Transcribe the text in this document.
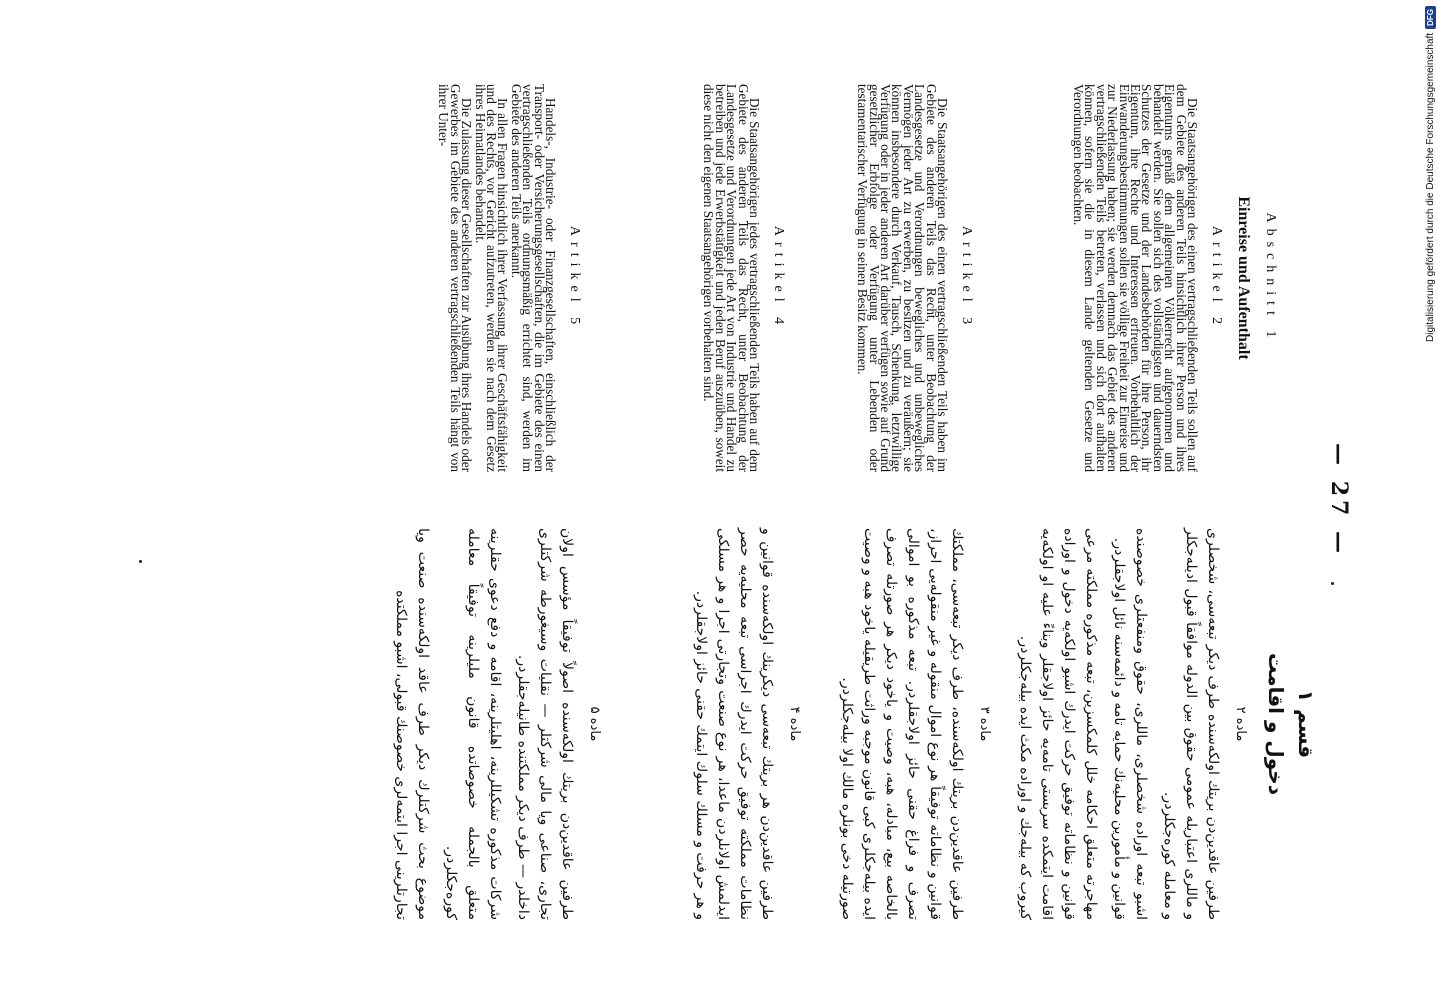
— 27 —
Abschnitt 1
Einreise und Aufenthalt
Artikel 2

Die Staatsangehörigen des einen vertragschließenden Teils sollen auf dem Gebiete des anderen Teils hinsichtlich ihrer Person und ihres Eigentums gemäß dem allgemeinen Völkerrecht aufgenommen und behandelt werden. Sie sollen sich des vollständigsten und dauerndsten Schutzes der Gesetze und der Landesbehörden für ihre Person, ihr Eigentum, ihre Rechte und Interessen erfreuen. Vorbehaltlich der Einwanderungsbestimmungen sollen sie völlige Freiheit zur Einreise und zur Niederlassung haben; sie werden demnach das Gebiet des anderen vertragschließenden Teils betreten, verlassen und sich dort aufhalten können, sofern sie die in diesem Lande geltenden Gesetze und Verordnungen beobachten.

Artikel 3

Die Staatsangehörigen des einen vertragschließenden Teils haben im Gebiete des anderen Teils das Recht, unter Beobachtung der Landesgesetze und Verordnungen bewegliches und unbewegliches Vermögen jeder Art zu erwerben, zu besitzen und zu veräußern; sie können insbesondere durch Verkauf, Tausch, Schenkung, letztwillige Verfügung oder in jeder anderen Art darüber verfügen sowie auf Grund gesetzlicher Erbfolge oder Verfügung unter Lebenden oder testamentarischer Verfügung in seinen Besitz kommen.

Artikel 4

Die Staatsangehörigen jedes vertragschließenden Teils haben auf dem Gebiete des anderen Teils das Recht, unter Beobachtung der Landesgesetze und Verordnungen jede Art von Industrie und Handel zu betreiben und jede Erwerbstätigkeit und jeden Beruf auszuüben, soweit diese nicht den eigenen Staatsangehörigen vorbehalten sind.

Artikel 5

Handels-, Industrie- oder Finanzgesellschaften, einschließlich der Transport- oder Versicherungsgesellschaften, die im Gebiete des einen vertragschließenden Teils ordnungsmäßig errichtet sind, werden im Gebiete des anderen Teils anerkannt.

In allen Fragen hinsichtlich ihrer Verfassung, ihrer Geschäftsfähigkeit und des Rechts, vor Gericht aufzutreten, werden sie nach dem Gesetz ihres Heimatlandes behandelt.

Die Zulassung dieser Gesellschaften zur Ausübung ihres Handels oder Gewerbes im Gebiete des anderen vertragschließenden Teils hängt von ihrer Unter-

قسم ۱
دخول و اقامت
ماده ۲

طرفين عاقدين‌دن بريتك اولكه‌سنده طرف ديكر تبعه‌سى، شخصلرى و ماللرى اعتباريله عمومى حقوق بين الدوله موافقاً قبول اديله‌جكلر و معامله كوره‌جكلردر.

اشبو تبعه اوراده شخصلرى، ماللرى، حقوق ومنفعتلرى خصوصنده قوانين و مأمورين محليه‌نك حمايه تامه و دائمه‌سنه نائل اولاجقلردر.

مهاجرته متعلق احكامه خلل كلمكسزين، تبعه مذكوره مملكته مرعى قوانين و نظاماته توفيق حركت ايدرك اشبو اولكه‌يه دخول و اوراده اقامت ايتمكده سربستى تامه‌يه حائز اولاجقلر وبناءً عليه او اولكه‌يه كيروب كه بيله‌جك و اوراده مكث ايده بيله‌جكلردر.

ماده ۳

طرفين عاقدين‌دن بريتك اولكه‌سنده، طرف ديكر تبعه‌سى، مملكتك قوانين و نظاماته توفيقاً هر نوع اموال منقوله و غير منقوله‌يى احراز، تصرف و فراغ حقنى حائز اولاجقلردر. تبعه مذكوره بو اموالى بالخاصه بيع، مبادله، هبه، وصيت و ياخود ديكر هر صورتله تصرف ايده بيله‌جكلرى كبى قانون موجبه‌ وراثت طريقيله ياخود هبه و وصيت صورتيله دخى بونلره مالك اولا بيله‌جكلردر.

ماده ۴

طرفين عاقدين‌دن هر بريتك تبعه‌سى ديكرينك اولكه‌سنده قوانين و نظامات مملكته توفيق حركت ايدرك اجراسى تبعه محليه‌يه حصر ايدلمش اولانلردن ماعدا، هر نوع صنعت وتجارتى اجرا و هر مسلكى و هر حرفت و مسلك سلوك ايتمك حقنى حائز اولاجقلردر.

ماده ۵

طرفين عاقدين‌دن بريتك اولكه‌سنده اصولاً توفيقاً مؤسس اولان تجارى، صناعى ويا مالى شركتلر — نقليات وسيغورطه شركتلرى داخلدر — طرف ديكر مملكتنده طانيله‌جقلردر.

شركات مذكوره تشكيللرينه، اهليتلرينه، اقامه و دفع دعوى حقلرينه متعلق بالجمله خصوصاتده قانون مليلرينه توفيقاً معامله كوره‌جكلردر.

موضوع بحث شركتلرك ديكر طرف عاقد اولكه‌سنده صنعت ويا تجارتلرينى اجرا ايتمه‌لرى خصوصنك قبولى، اشبو مملكتده

Digitalisierung gefördert durch die Deutsche Forschungsgemeinschaft
DFG
